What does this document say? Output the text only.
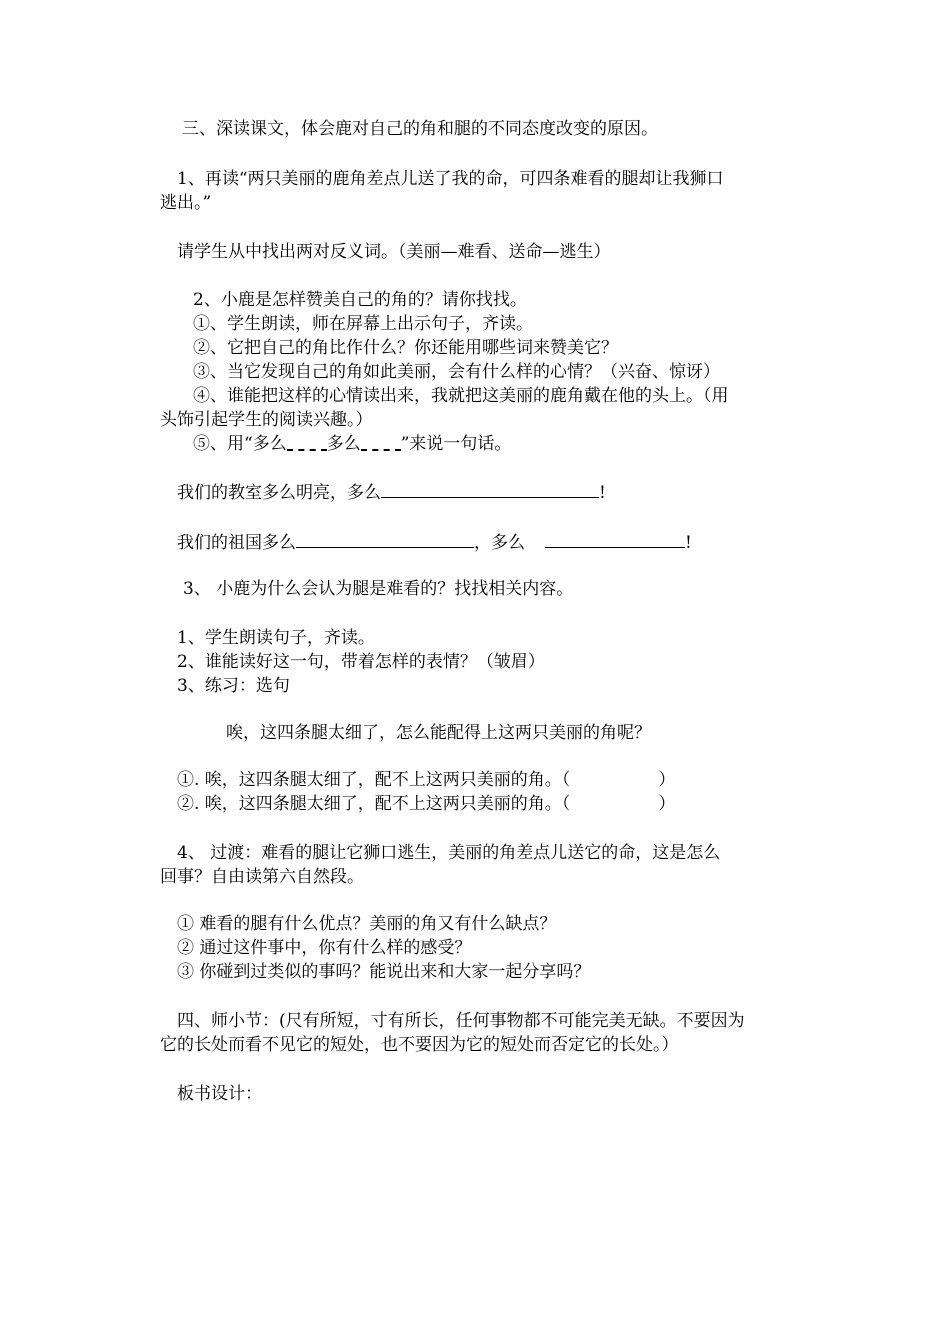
三、深读课文，体会鹿对自己的角和腿的不同态度改变的原因。
1、再读“两只美丽的鹿角差点儿送了我的命，可四条难看的腿却让我狮口
逃出。”
请学生从中找出两对反义词。（美丽—难看、送命—逃生）
2、小鹿是怎样赞美自己的角的？请你找找。
①、学生朗读，师在屏幕上出示句子，齐读。
②、它把自己的角比作什么？你还能用哪些词来赞美它？
③、当它发现自己的角如此美丽，会有什么样的心情？（兴奋、惊讶）
④、谁能把这样的心情读出来，我就把这美丽的鹿角戴在他的头上。（用
头饰引起学生的阅读兴趣。）
⑤、用“多么 多么 ”来说一句话。
我们的教室多么明亮，多么	!
我们的祖国多么	，多么	!
3、 小鹿为什么会认为腿是难看的？找找相关内容。
1、学生朗读句子，齐读。
2、谁能读好这一句，带着怎样的表情？（皱眉）
3、练习：选句
唉，这四条腿太细了，怎么能配得上这两只美丽的角呢？
①. 唉，这四条腿太细了，配不上这两只美丽的角。（	）
②. 唉，这四条腿太细了，配不上这两只美丽的角。（	）
4、 过渡：难看的腿让它狮口逃生，美丽的角差点儿送它的命，这是怎么
回事？自由读第六自然段。
① 难看的腿有什么优点？美丽的角又有什么缺点？
② 通过这件事中，你有什么样的感受？
③ 你碰到过类似的事吗？能说出来和大家一起分享吗？
四、师小节：(尺有所短，寸有所长，任何事物都不可能完美无缺。不要因为
它的长处而看不见它的短处，也不要因为它的短处而否定它的长处。）
板书设计：
